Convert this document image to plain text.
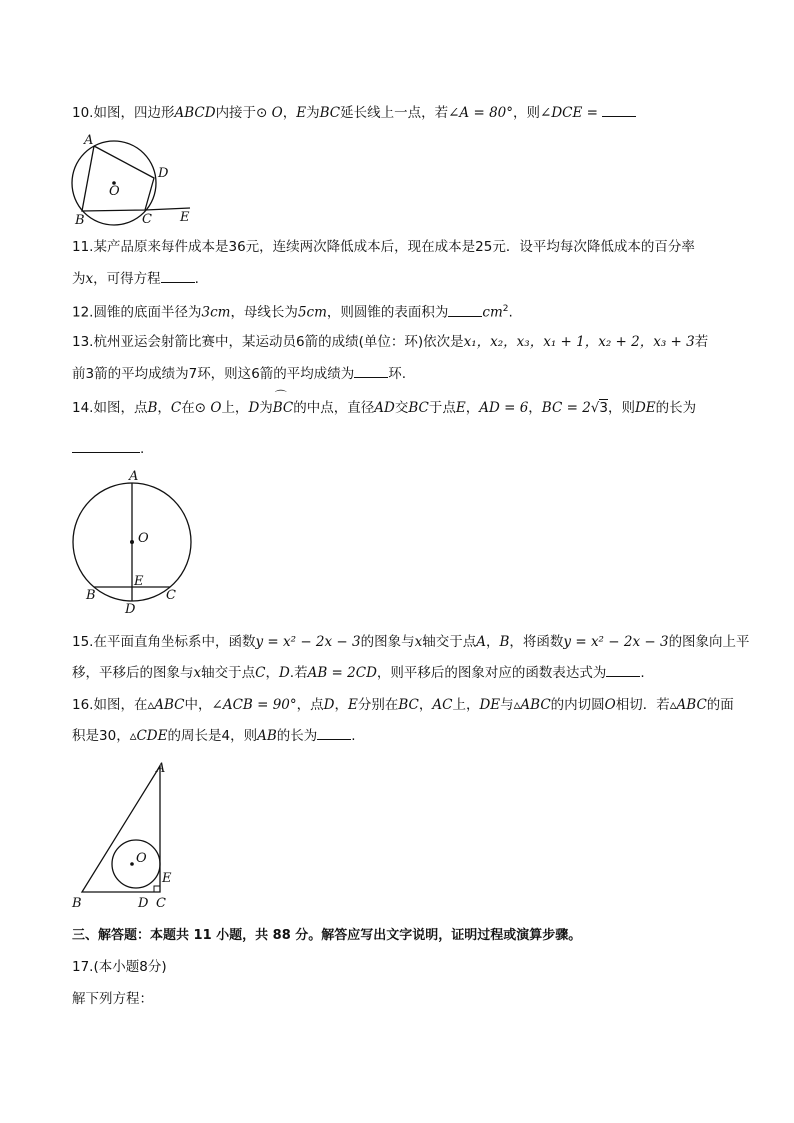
10.如图，四边形ABCD内接于⊙ O，E为BC延长线上一点，若∠A = 80°，则∠DCE =
A
D
O
B	C E
11.某产品原来每件成本是36元，连续两次降低成本后，现在成本是25元．设平均每次降低成本的百分率
为x，可得方程	.
12.圆锥的底面半径为3cm，母线长为5cm，则圆锥的表面积为	$cm^2$.
13.杭州亚运会射箭比赛中，某运动员6箭的成绩(单位：环)依次是x₁，x₂，x₃，x₁ + 1，x₂ + 2，x₃ + 3若
前3箭的平均成绩为7环，则这6箭的平均成绩为	环.
14.如图，点B，C在⊙ O上，D为BC
⌒
的中点，直径AD交BC于点E，AD = 6，BC = 2√3，则DE的长为
.
A
O
E
B	C
D
15.在平面直角坐标系中，函数y = x² − 2x − 3的图象与x轴交于点A，B，将函数y = x² − 2x − 3的图象向上平
移，平移后的图象与x轴交于点C，D.若AB = 2CD，则平移后的图象对应的函数表达式为	.
16.如图，在▵ABC中，∠ACB = 90°，点D，E分别在BC，AC上，DE与▵ABC的内切圆O相切．若▵ABC的面
积是30，▵CDE的周长是4，则AB的长为	.
A
O
E
B	D C
三、解答题：本题共 11 小题，共 88 分。解答应写出文字说明，证明过程或演算步骤。
17.(本小题8分)
解下列方程：
